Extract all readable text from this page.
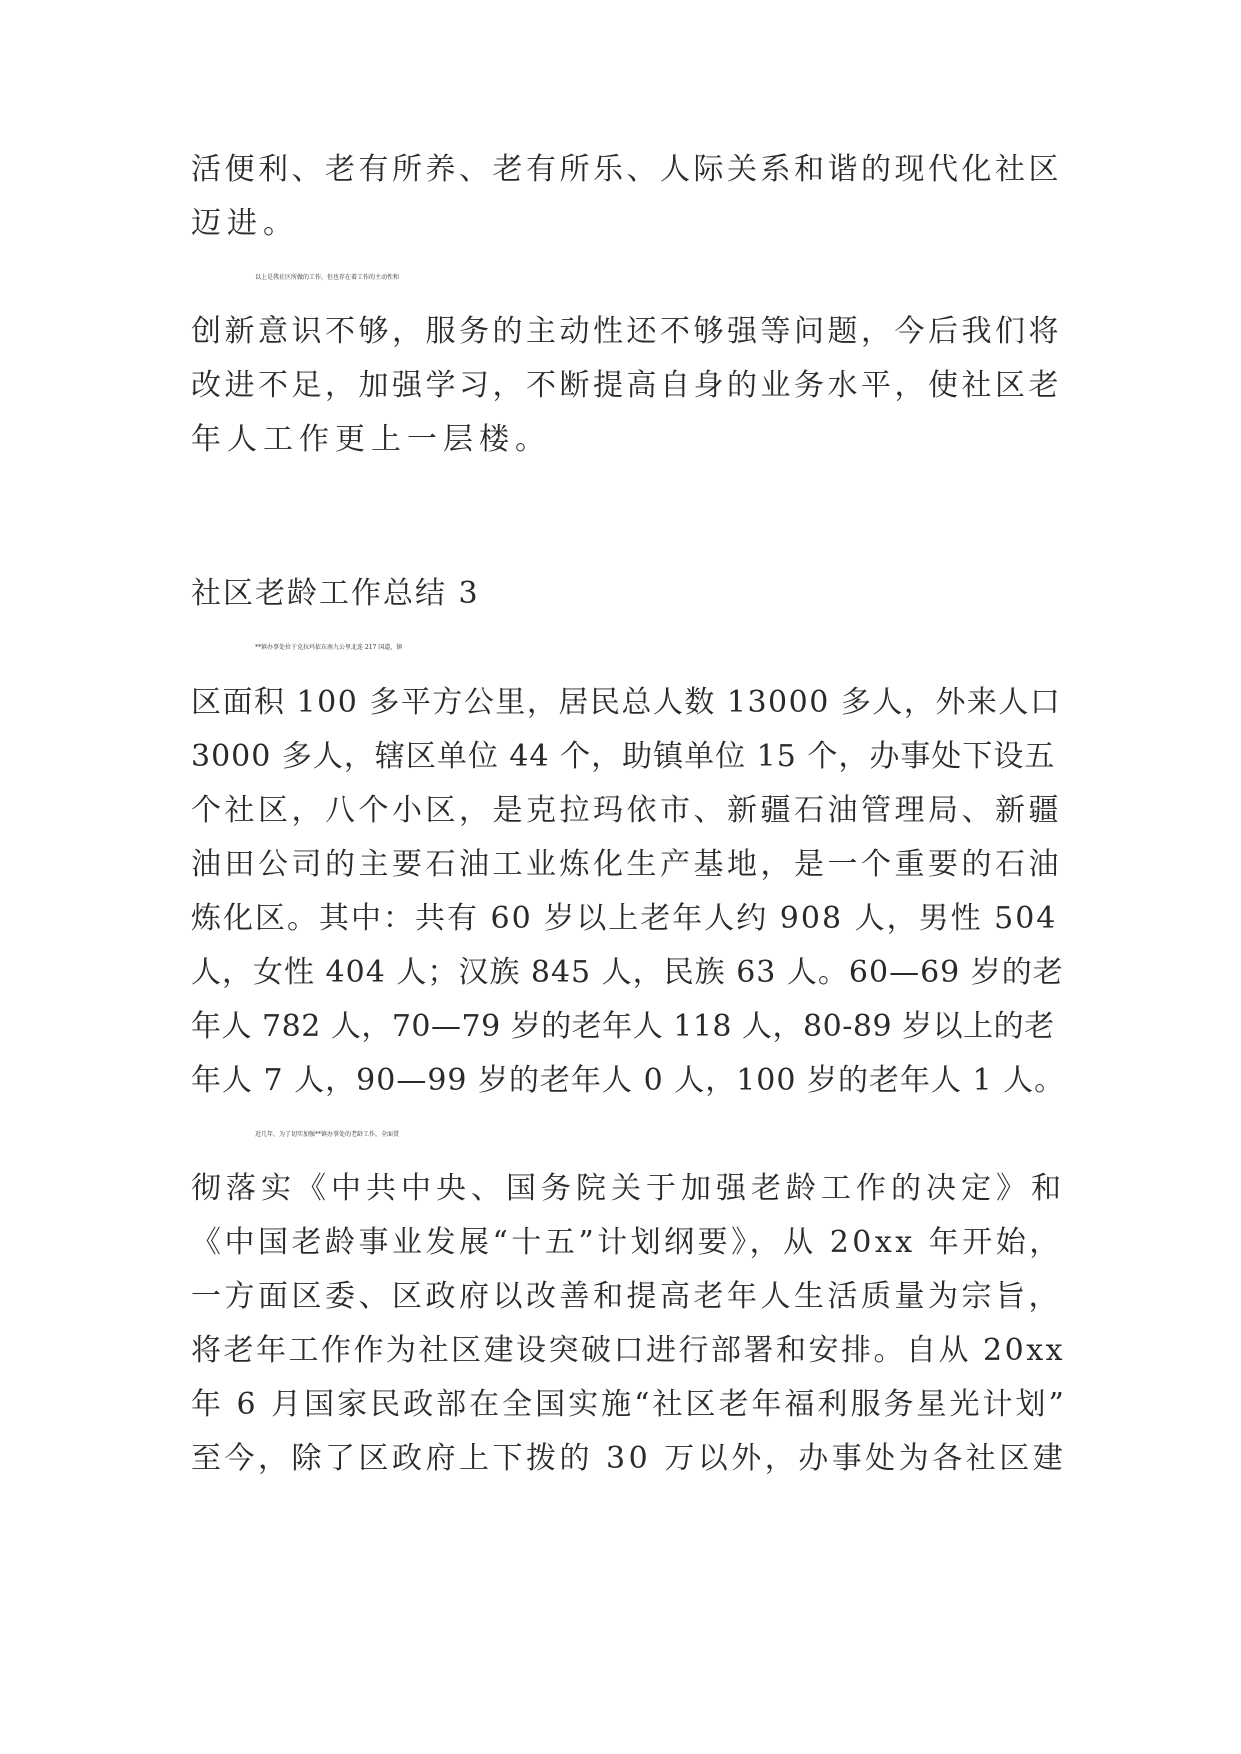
活便利、老有所养、老有所乐、人际关系和谐的现代化社区
迈进。
以上是我社区所做的工作，但也存在着工作的主动性和
创新意识不够，服务的主动性还不够强等问题，今后我们将
改进不足，加强学习，不断提高自身的业务水平，使社区老
年人工作更上一层楼。
社区老龄工作总结 3
**镇办事处位于克拉玛依东南九公里北连 217 国道，镇
区面积 100 多平方公里，居民总人数 13000 多人，外来人口
3000 多人，辖区单位 44 个，助镇单位 15 个，办事处下设五
个社区，八个小区，是克拉玛依市、新疆石油管理局、新疆
油田公司的主要石油工业炼化生产基地，是一个重要的石油
炼化区。其中：共有 60 岁以上老年人约 908 人，男性 504
人，女性 404 人；汉族 845 人，民族 63 人。60—69 岁的老
年人 782 人，70—79 岁的老年人 118 人，80-89 岁以上的老
年人 7 人，90—99 岁的老年人 0 人，100 岁的老年人 1 人。
近几年，为了切实加强**镇办事处的老龄工作，全面贯
彻落实《中共中央、国务院关于加强老龄工作的决定》和
《中国老龄事业发展“十五”计划纲要》，从 20xx 年开始，
一方面区委、区政府以改善和提高老年人生活质量为宗旨，
将老年工作作为社区建设突破口进行部署和安排。自从 20xx
年 6 月国家民政部在全国实施“社区老年福利服务星光计划”
至今，除了区政府上下拨的 30 万以外，办事处为各社区建
